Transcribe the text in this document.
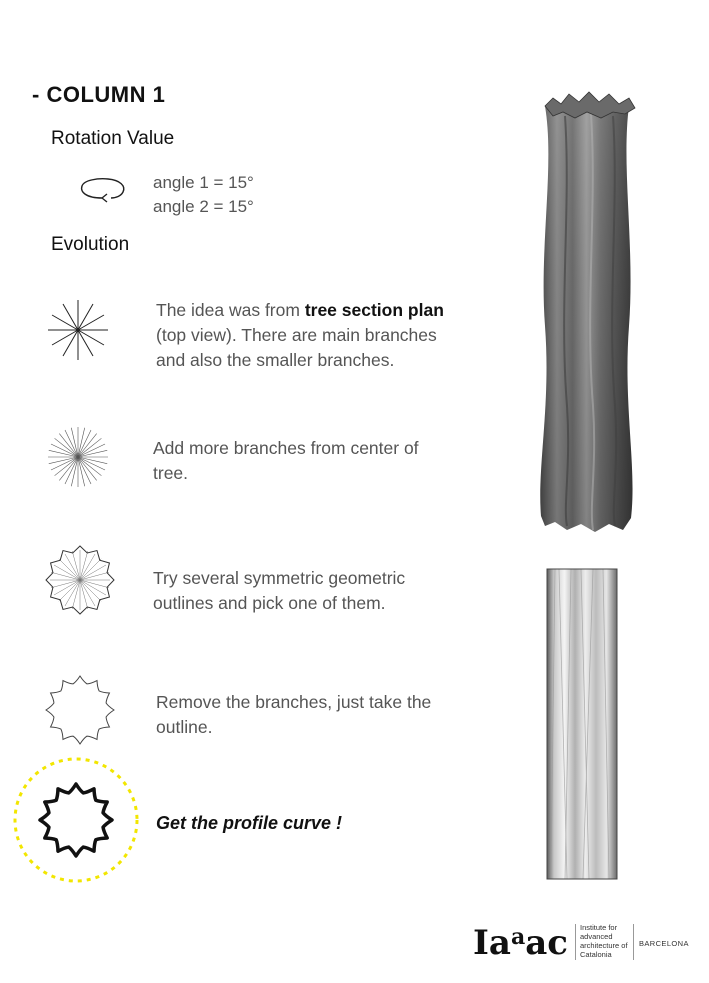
- COLUMN 1
Rotation Value
angle 1 = 15°
angle 2 = 15°
Evolution
The idea was from tree section plan (top view). There are main branches and also the smaller branches.
Add more branches from center of tree.
Try several symmetric geometric outlines and pick one of them.
Remove the branches, just take the outline.
Get the profile curve !
Ia$^a$ac Institute for advanced architecture of Catalonia
BARCELONA
